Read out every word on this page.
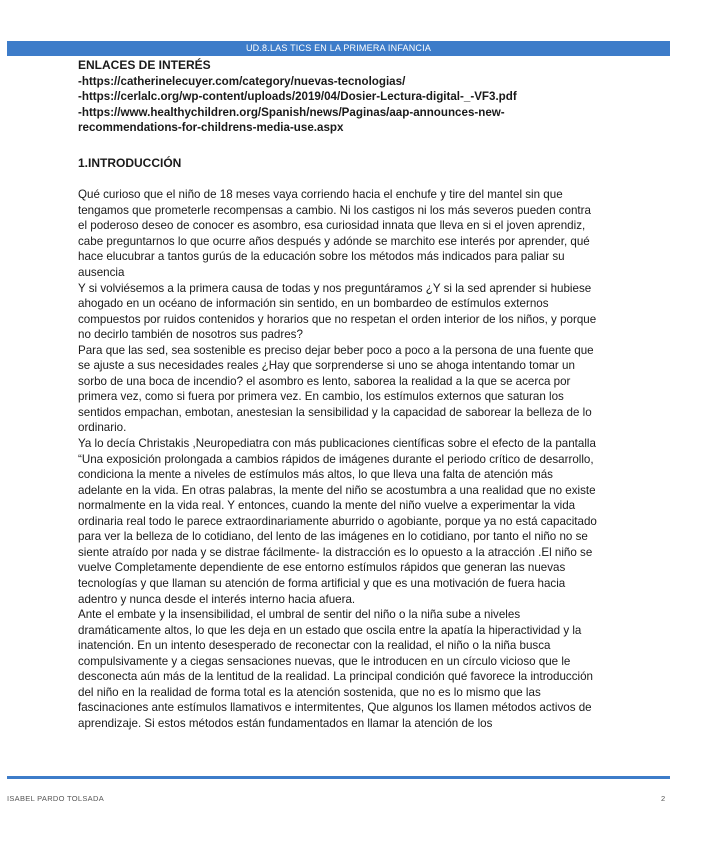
UD.8.LAS TICS EN LA PRIMERA INFANCIA
ENLACES DE INTERÉS
-https://catherinelecuyer.com/category/nuevas-tecnologias/
-https://cerlalc.org/wp-content/uploads/2019/04/Dosier-Lectura-digital-_-VF3.pdf
-https://www.healthychildren.org/Spanish/news/Paginas/aap-announces-new-recommendations-for-childrens-media-use.aspx
1.INTRODUCCIÓN
Qué curioso que el niño de 18 meses vaya corriendo hacia el enchufe y tire del mantel sin que tengamos que prometerle recompensas a cambio. Ni los castigos ni los más severos pueden contra el poderoso deseo de conocer es asombro, esa curiosidad innata que lleva en si el joven aprendiz, cabe preguntarnos lo que ocurre años después y adónde se marchito ese interés por aprender, qué hace elucubrar a tantos gurús de la educación sobre los métodos más indicados para paliar su ausencia
Y si volviésemos a la primera causa de todas y nos preguntáramos ¿Y si la sed aprender si hubiese ahogado en un océano de información sin sentido, en un bombardeo de estímulos externos compuestos por ruidos contenidos y horarios que no respetan el orden interior de los niños, y porque no decirlo también de nosotros sus padres?
Para que las sed, sea sostenible es preciso dejar beber poco a poco a la persona de una fuente que se ajuste a sus necesidades reales ¿Hay que sorprenderse si uno se ahoga intentando tomar un sorbo de una boca de incendio? el asombro es lento, saborea la realidad a la que se acerca por primera vez, como si fuera por primera vez. En cambio, los estímulos externos que saturan los sentidos empachan, embotan, anestesian la sensibilidad y la capacidad de saborear la belleza de lo ordinario.
Ya lo decía Christakis ,Neuropediatra con más publicaciones científicas sobre el efecto de la pantalla “Una exposición prolongada a cambios rápidos de imágenes durante el periodo crítico de desarrollo, condiciona la mente a niveles de estímulos más altos, lo que lleva una falta de atención más adelante en la vida. En otras palabras, la mente del niño se acostumbra a una realidad que no existe normalmente en la vida real. Y entonces, cuando la mente del niño vuelve a experimentar la vida ordinaria real todo le parece extraordinariamente aburrido o agobiante, porque ya no está capacitado para ver la belleza de lo cotidiano, del lento de las imágenes en lo cotidiano, por tanto el niño no se siente atraído por nada y se distrae fácilmente- la distracción es lo opuesto a la atracción .El niño se vuelve Completamente dependiente de ese entorno estímulos rápidos que generan las nuevas tecnologías y que llaman su atención de forma artificial y que es una motivación de fuera hacia adentro y nunca desde el interés interno hacia afuera.
Ante el embate y la insensibilidad, el umbral de sentir del niño o la niña sube a niveles dramáticamente altos, lo que les deja en un estado que oscila entre la apatía la hiperactividad y la inatención. En un intento desesperado de reconectar con la realidad, el niño o la niña busca compulsivamente y a ciegas sensaciones nuevas, que le introducen en un círculo vicioso que le desconecta aún más de la lentitud de la realidad. La principal condición qué favorece la introducción del niño en la realidad de forma total es la atención sostenida, que no es lo mismo que las fascinaciones ante estímulos llamativos e intermitentes, Que algunos los llamen métodos activos de aprendizaje. Si estos métodos están fundamentados en llamar la atención de los
ISABEL PARDO TOLSADA	2
